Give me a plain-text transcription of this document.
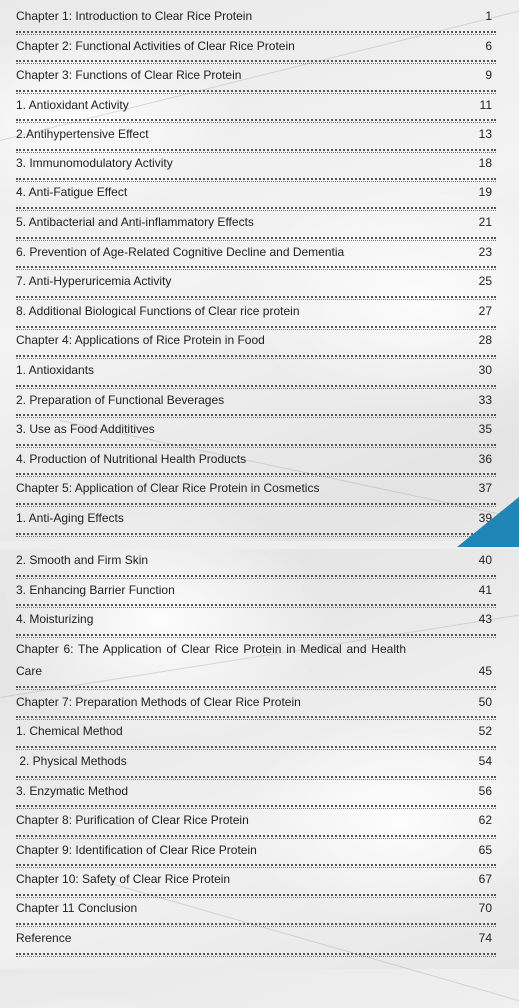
Chapter 1: Introduction to Clear Rice Protein	1
Chapter 2: Functional Activities of Clear Rice Protein	6
Chapter 3: Functions of Clear Rice Protein	9
1. Antioxidant Activity	11
2.Antihypertensive Effect	13
3. Immunomodulatory Activity	18
4. Anti-Fatigue Effect	19
5. Antibacterial and Anti-inflammatory Effects	21
6. Prevention of Age-Related Cognitive Decline and Dementia	23
7. Anti-Hyperuricemia Activity	25
8. Additional Biological Functions of Clear rice protein	27
Chapter 4: Applications of Rice Protein in Food	28
1. Antioxidants	30
2. Preparation of Functional Beverages	33
3. Use as Food Addititives	35
4. Production of Nutritional Health Products	36
Chapter 5: Application of Clear Rice Protein in Cosmetics	37
1. Anti-Aging Effects	39
2. Smooth and Firm Skin	40
3. Enhancing Barrier Function	41
4. Moisturizing	43
Chapter 6: The Application of Clear Rice Protein in Medical and Health Care	45
Chapter 7: Preparation Methods of Clear Rice Protein	50
1. Chemical Method	52
2. Physical Methods	54
3. Enzymatic Method	56
Chapter 8: Purification of Clear Rice Protein	62
Chapter 9: Identification of Clear Rice Protein	65
Chapter 10: Safety of Clear Rice Protein	67
Chapter 11 Conclusion	70
Reference	74
